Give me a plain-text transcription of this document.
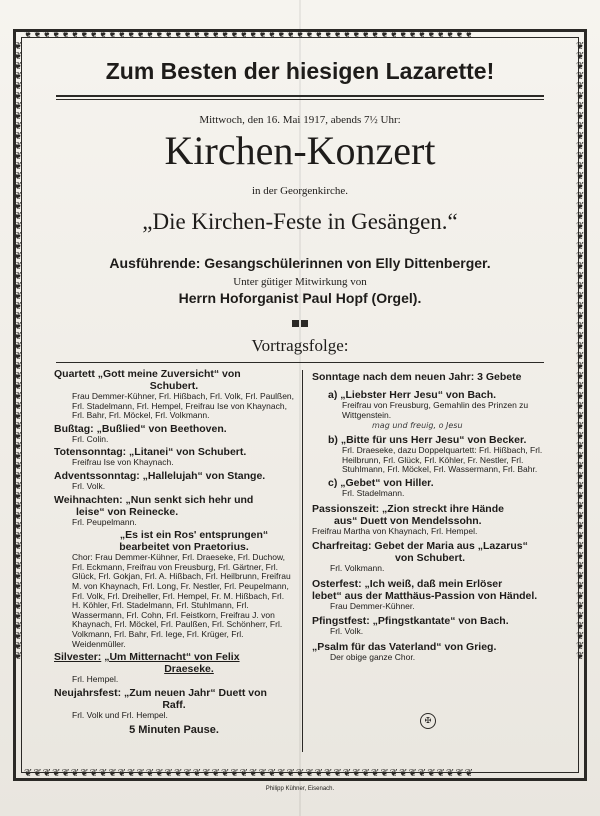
❦❦❦❦❦❦❦❦❦❦❦❦❦❦❦❦❦❦❦❦❦❦❦❦❦❦❦❦❦❦❦❦❦❦❦❦❦❦❦❦❦❦❦❦❦❦❦❦
❦❦❦❦❦❦❦❦❦❦❦❦❦❦❦❦❦❦❦❦❦❦❦❦❦❦❦❦❦❦❦❦❦❦❦❦❦❦❦❦❦❦❦❦❦❦❦❦
❦❦❦❦❦❦❦❦❦❦❦❦❦❦❦❦❦❦❦❦❦❦❦❦❦❦❦❦❦❦❦❦❦❦❦❦❦❦❦❦❦❦❦❦❦❦❦❦❦❦❦❦❦❦❦❦❦❦❦❦❦❦
❦❦❦❦❦❦❦❦❦❦❦❦❦❦❦❦❦❦❦❦❦❦❦❦❦❦❦❦❦❦❦❦❦❦❦❦❦❦❦❦❦❦❦❦❦❦❦❦❦❦❦❦❦❦❦❦❦❦❦❦❦❦
Zum Besten der hiesigen Lazarette!
Mittwoch, den 16. Mai 1917, abends 7½ Uhr:
Kirchen-Konzert
in der Georgenkirche.
„Die Kirchen-Feste in Gesängen.“
Ausführende: Gesangschülerinnen von Elly Dittenberger.
Unter gütiger Mitwirkung von
Herrn Hoforganist Paul Hopf (Orgel).
Vortragsfolge:
Quartett „Gott meine Zuversicht“ von
Schubert.
Frau Demmer-Kühner, Frl. Hißbach, Frl. Volk, Frl. Paulßen, Frl. Stadelmann, Frl. Hempel, Freifrau Ise von Khaynach, Frl. Bahr, Frl. Möckel, Frl. Volkmann.
Bußtag: „Bußlied“ von Beethoven.
Frl. Colin.
Totensonntag: „Litanei“ von Schubert.
Freifrau Ise von Khaynach.
Adventssonntag: „Hallelujah“ von Stange.
Frl. Volk.
Weihnachten: „Nun senkt sich hehr und
leise“ von Reinecke.
Frl. Peupelmann.
„Es ist ein Ros' entsprungen“
bearbeitet von Praetorius.
Chor: Frau Demmer-Kühner, Frl. Draeseke, Frl. Duchow, Frl. Eckmann, Freifrau von Freusburg, Frl. Gärtner, Frl. Glück, Frl. Gokjan, Frl. A. Hißbach, Frl. Heilbrunn, Freifrau M. von Khaynach, Frl. Long, Fr. Nestler, Frl. Peupelmann, Frl. Volk, Frl. Dreiheller, Frl. Hempel, Fr. M. Hißbach, Frl. H. Köhler, Frl. Stadelmann, Frl. Stuhlmann, Frl. Wassermann, Frl. Cohn, Frl. Feistkorn, Freifrau J. von Khaynach, Frl. Möckel, Frl. Paulßen, Frl. Schönherr, Frl. Volkmann, Frl. Bahr, Frl. Iege, Frl. Krüger, Frl. Weidenmüller.
Silvester: „Um Mitternacht“ von Felix
Draeseke.
Frl. Hempel.
Neujahrsfest: „Zum neuen Jahr“ Duett von
Raff.
Frl. Volk und Frl. Hempel.
5 Minuten Pause.
Sonntage nach dem neuen Jahr: 3 Gebete
a) „Liebster Herr Jesu“ von Bach.
Freifrau von Freusburg, Gemahlin des Prinzen zu Wittgenstein.
mag und freuig, o Jesu
b) „Bitte für uns Herr Jesu“ von Becker.
Frl. Draeseke, dazu Doppelquartett: Frl. Hißbach, Frl. Heilbrunn, Frl. Glück, Frl. Köhler, Fr. Nestler, Frl. Stuhlmann, Frl. Möckel, Frl. Wassermann, Frl. Bahr.
c) „Gebet“ von Hiller.
Frl. Stadelmann.
Passionszeit: „Zion streckt ihre Hände
aus“ Duett von Mendelssohn.
Freifrau Martha von Khaynach, Frl. Hempel.
Charfreitag: Gebet der Maria aus „Lazarus“
von Schubert.
Frl. Volkmann.
Osterfest: „Ich weiß, daß mein Erlöser
lebet“ aus der Matthäus-Passion von Händel.
Frau Demmer-Kühner.
Pfingstfest: „Pfingstkantate“ von Bach.
Frl. Volk.
„Psalm für das Vaterland“ von Grieg.
Der obige ganze Chor.
✠
Philipp Kühner, Eisenach.
